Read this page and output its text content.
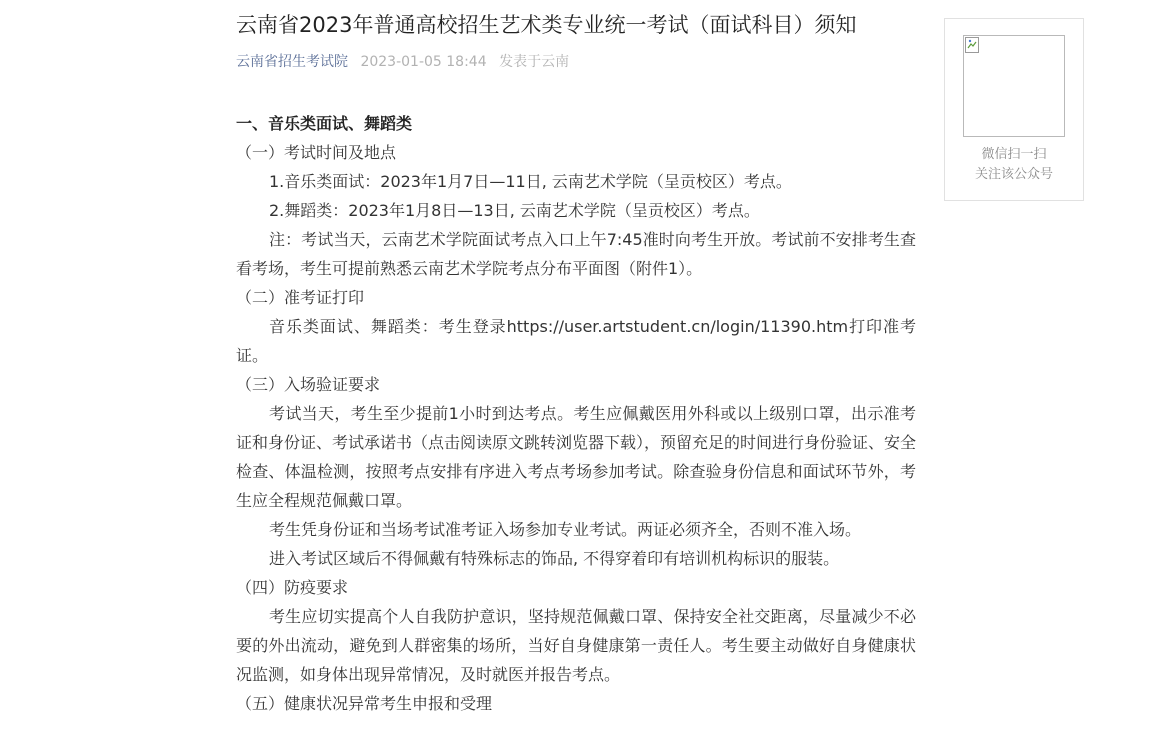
云南省2023年普通高校招生艺术类专业统一考试（面试科目）须知
云南省招生考试院 2023-01-05 18:44 发表于云南

一、音乐类面试、舞蹈类

（一）考试时间及地点

1.音乐类面试：2023年1月7日—11日, 云南艺术学院（呈贡校区）考点。

2.舞蹈类：2023年1月8日—13日, 云南艺术学院（呈贡校区）考点。

注：考试当天，云南艺术学院面试考点入口上午7:45准时向考生开放。考试前不安排考生查看考场，考生可提前熟悉云南艺术学院考点分布平面图（附件1）。

（二）准考证打印

音乐类面试、舞蹈类：考生登录https://user.artstudent.cn/login/11390.htm打印准考证。

（三）入场验证要求

考试当天，考生至少提前1小时到达考点。考生应佩戴医用外科或以上级别口罩，出示准考证和身份证、考试承诺书（点击阅读原文跳转浏览器下载），预留充足的时间进行身份验证、安全检查、体温检测，按照考点安排有序进入考点考场参加考试。除查验身份信息和面试环节外，考生应全程规范佩戴口罩。

考生凭身份证和当场考试准考证入场参加专业考试。两证必须齐全，否则不准入场。

进入考试区域后不得佩戴有特殊标志的饰品, 不得穿着印有培训机构标识的服装。

（四）防疫要求

考生应切实提高个人自我防护意识，坚持规范佩戴口罩、保持安全社交距离，尽量减少不必要的外出流动，避免到人群密集的场所，当好自身健康第一责任人。考生要主动做好自身健康状况监测，如身体出现异常情况，及时就医并报告考点。

（五）健康状况异常考生申报和受理

微信扫一扫
关注该公众号
